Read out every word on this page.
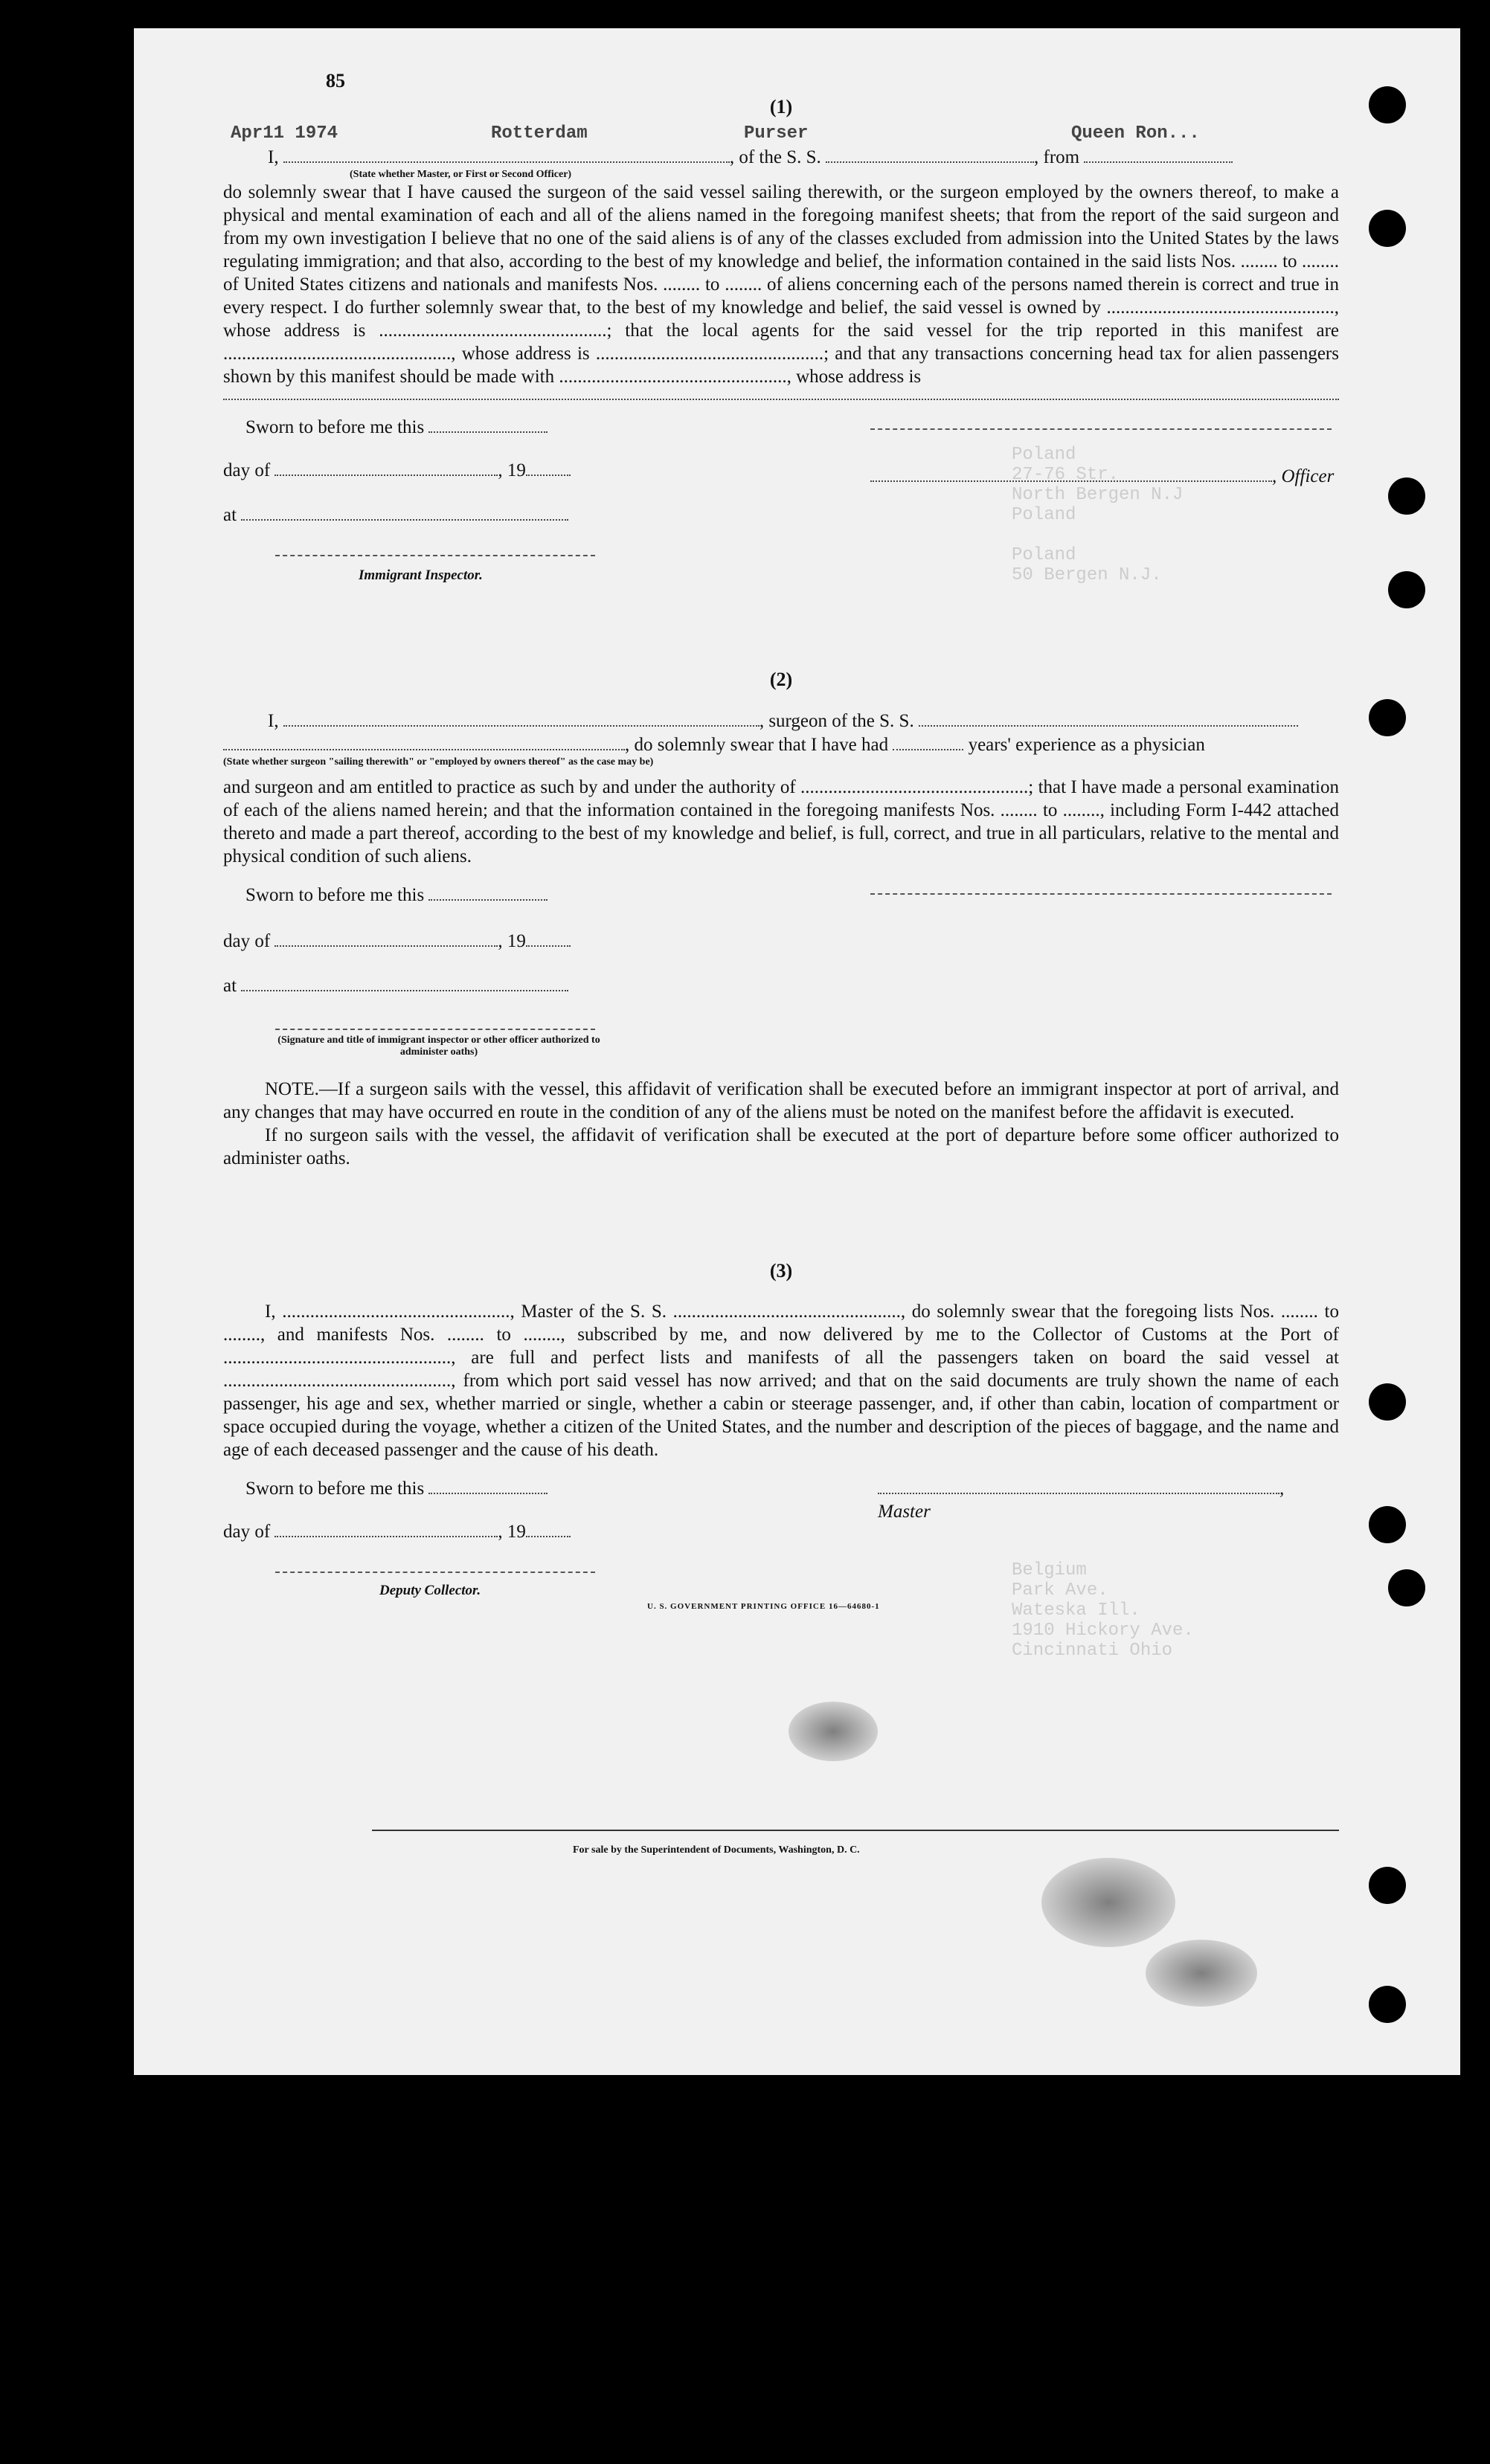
85
Apr11 1974	Rotterdam	Purser	Queen Ron...
Poland
27-76 Str.
North Bergen N.J
Poland

Poland
50 Bergen N.J.
Belgium
Park Ave.
Wateska Ill.
1910 Hickory Ave.
Cincinnati Ohio

(1)

I,	, of the S. S.	, from

(State whether Master, or First or Second Officer)

do solemnly swear that I have caused the surgeon of the said vessel sailing therewith, or the surgeon employed by the owners thereof, to make a physical and mental examination of each and all of the aliens named in the foregoing manifest sheets; that from the report of the said surgeon and from my own investigation I believe that no one of the said aliens is of any of the classes excluded from admission into the United States by the laws regulating immigration; and that also, according to the best of my knowledge and belief, the information contained in the said lists Nos. ........ to ........ of United States citizens and nationals and manifests Nos. ........ to ........ of aliens concerning each of the persons named therein is correct and true in every respect. I do further solemnly swear that, to the best of my knowledge and belief, the said vessel is owned by ................................................., whose address is .................................................; that the local agents for the said vessel for the trip reported in this manifest are ................................................., whose address is .................................................; and that any transactions concerning head tax for alien passengers shown by this manifest should be made with ................................................., whose address is

Sworn to before me this
day of	, 19
at
Immigrant Inspector.
, Officer

(2)

I,	, surgeon of the S. S.

, do solemnly swear that I have had	years' experience as a physician

(State whether surgeon "sailing therewith" or "employed by owners thereof" as the case may be)

and surgeon and am entitled to practice as such by and under the authority of .................................................; that I have made a personal examination of each of the aliens named herein; and that the information contained in the foregoing manifests Nos. ........ to ........, including Form I-442 attached thereto and made a part thereof, according to the best of my knowledge and belief, is full, correct, and true in all particulars, relative to the mental and physical condition of such aliens.

Sworn to before me this
day of	, 19
at
(Signature and title of immigrant inspector or other officer authorized to administer oaths)

NOTE.—If a surgeon sails with the vessel, this affidavit of verification shall be executed before an immigrant inspector at port of arrival, and any changes that may have occurred en route in the condition of any of the aliens must be noted on the manifest before the affidavit is executed.

If no surgeon sails with the vessel, the affidavit of verification shall be executed at the port of departure before some officer authorized to administer oaths.

(3)

I, ................................................., Master of the S. S. ................................................., do solemnly swear that the foregoing lists Nos. ........ to ........, and manifests Nos. ........ to ........, subscribed by me, and now delivered by me to the Collector of Customs at the Port of ................................................., are full and perfect lists and manifests of all the passengers taken on board the said vessel at ................................................., from which port said vessel has now arrived; and that on the said documents are truly shown the name of each passenger, his age and sex, whether married or single, whether a cabin or steerage passenger, and, if other than cabin, location of compartment or space occupied during the voyage, whether a citizen of the United States, and the number and description of the pieces of baggage, and the name and age of each deceased passenger and the cause of his death.

Sworn to before me this	, Master
day of	, 19
Deputy Collector.
U. S. GOVERNMENT PRINTING OFFICE 16—64680-1
For sale by the Superintendent of Documents, Washington, D. C.
